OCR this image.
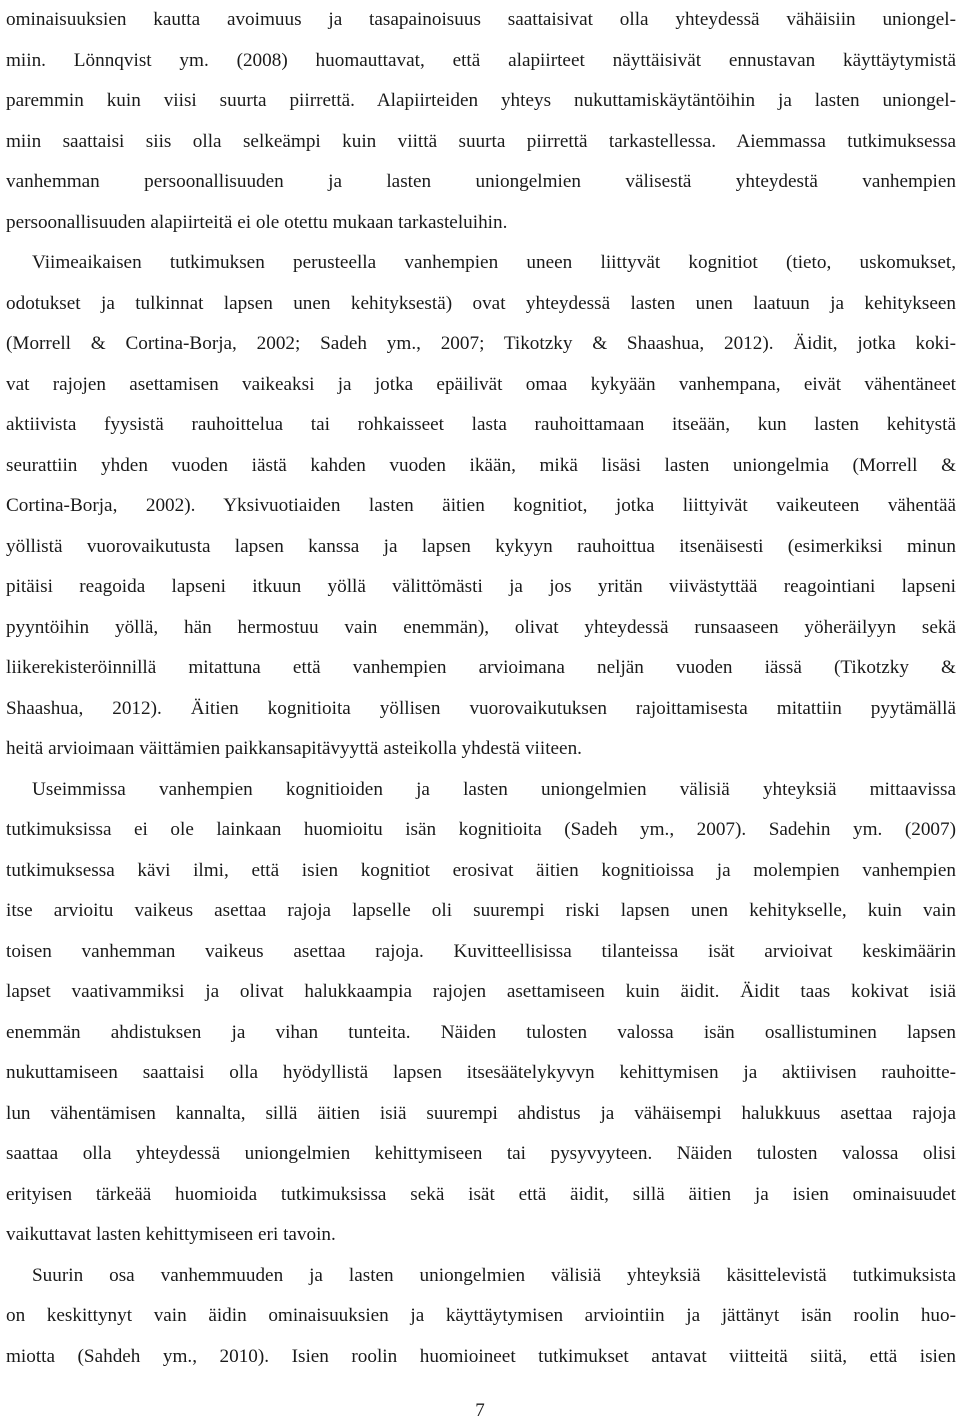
ominaisuuksien kautta avoimuus ja tasapainoisuus saattaisivat olla yhteydessä vähäisiin uniongel-
miin. Lönnqvist ym. (2008) huomauttavat, että alapiirteet näyttäisivät ennustavan käyttäytymistä
paremmin kuin viisi suurta piirrettä. Alapiirteiden yhteys nukuttamiskäytäntöihin ja lasten uniongel-
miin saattaisi siis olla selkeämpi kuin viittä suurta piirrettä tarkastellessa. Aiemmassa tutkimuksessa
vanhemman persoonallisuuden ja lasten uniongelmien välisestä yhteydestä vanhempien
persoonallisuuden alapiirteitä ei ole otettu mukaan tarkasteluihin.
Viimeaikaisen tutkimuksen perusteella vanhempien uneen liittyvät kognitiot (tieto, uskomukset,
odotukset ja tulkinnat lapsen unen kehityksestä) ovat yhteydessä lasten unen laatuun ja kehitykseen
(Morrell & Cortina-Borja, 2002; Sadeh ym., 2007; Tikotzky & Shaashua, 2012). Äidit, jotka koki-
vat rajojen asettamisen vaikeaksi ja jotka epäilivät omaa kykyään vanhempana, eivät vähentäneet
aktiivista fyysistä rauhoittelua tai rohkaisseet lasta rauhoittamaan itseään, kun lasten kehitystä
seurattiin yhden vuoden iästä kahden vuoden ikään, mikä lisäsi lasten uniongelmia (Morrell &
Cortina-Borja, 2002). Yksivuotiaiden lasten äitien kognitiot, jotka liittyivät vaikeuteen vähentää
yöllistä vuorovaikutusta lapsen kanssa ja lapsen kykyyn rauhoittua itsenäisesti (esimerkiksi minun
pitäisi reagoida lapseni itkuun yöllä välittömästi ja jos yritän viivästyttää reagointiani lapseni
pyyntöihin yöllä, hän hermostuu vain enemmän), olivat yhteydessä runsaaseen yöheräilyyn sekä
liikerekisteröinnillä mitattuna että vanhempien arvioimana neljän vuoden iässä (Tikotzky &
Shaashua, 2012). Äitien kognitioita yöllisen vuorovaikutuksen rajoittamisesta mitattiin pyytämällä
heitä arvioimaan väittämien paikkansapitävyyttä asteikolla yhdestä viiteen.
Useimmissa vanhempien kognitioiden ja lasten uniongelmien välisiä yhteyksiä mittaavissa
tutkimuksissa ei ole lainkaan huomioitu isän kognitioita (Sadeh ym., 2007). Sadehin ym. (2007)
tutkimuksessa kävi ilmi, että isien kognitiot erosivat äitien kognitioissa ja molempien vanhempien
itse arvioitu vaikeus asettaa rajoja lapselle oli suurempi riski lapsen unen kehitykselle, kuin vain
toisen vanhemman vaikeus asettaa rajoja. Kuvitteellisissa tilanteissa isät arvioivat keskimäärin
lapset vaativammiksi ja olivat halukkaampia rajojen asettamiseen kuin äidit. Äidit taas kokivat isiä
enemmän ahdistuksen ja vihan tunteita. Näiden tulosten valossa isän osallistuminen lapsen
nukuttamiseen saattaisi olla hyödyllistä lapsen itsesäätelykyvyn kehittymisen ja aktiivisen rauhoitte-
lun vähentämisen kannalta, sillä äitien isiä suurempi ahdistus ja vähäisempi halukkuus asettaa rajoja
saattaa olla yhteydessä uniongelmien kehittymiseen tai pysyvyyteen. Näiden tulosten valossa olisi
erityisen tärkeää huomioida tutkimuksissa sekä isät että äidit, sillä äitien ja isien ominaisuudet
vaikuttavat lasten kehittymiseen eri tavoin.
Suurin osa vanhemmuuden ja lasten uniongelmien välisiä yhteyksiä käsittelevistä tutkimuksista
on keskittynyt vain äidin ominaisuuksien ja käyttäytymisen arviointiin ja jättänyt isän roolin huo-
miotta (Sahdeh ym., 2010). Isien roolin huomioineet tutkimukset antavat viitteitä siitä, että isien
7
